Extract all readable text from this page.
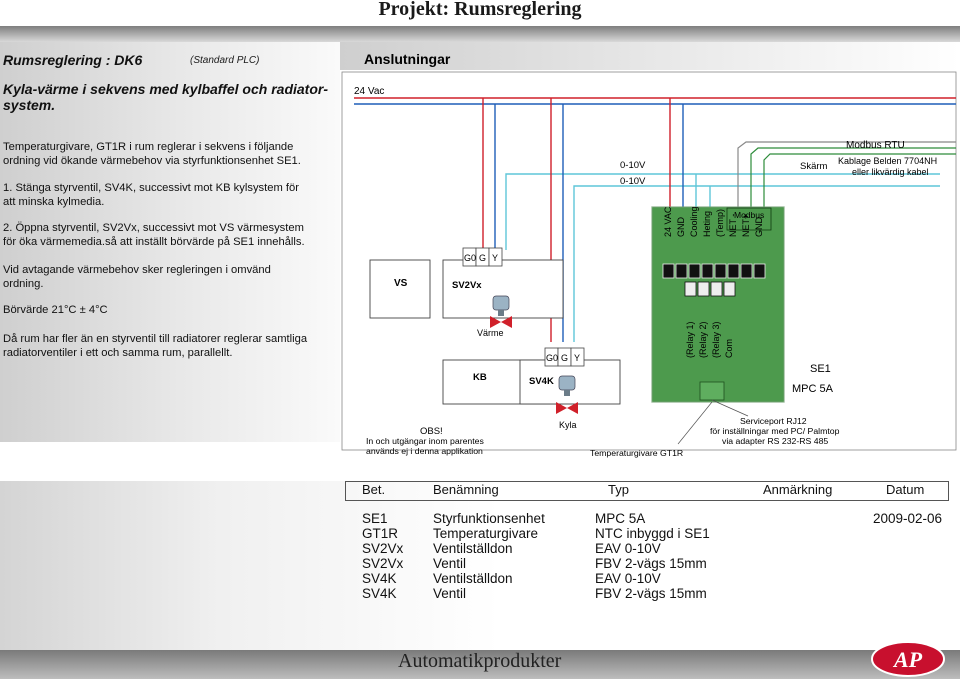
Projekt: Rumsreglering
Rumsreglering : DK6	(Standard PLC)
Kyla-värme i sekvens med kylbaffel och radiator-
system.
Temperaturgivare, GT1R i rum reglerar i sekvens i följande
ordning vid ökande värmebehov via styrfunktionsenhet SE1.
1. Stänga styrventil, SV4K, successivt mot KB kylsystem för
att minska kylmedia.
2. Öppna styrventil, SV2Vx, successivt mot VS värmesystem
för öka värmemedia.så att inställt börvärde på SE1 innehålls.
Vid avtagande värmebehov sker regleringen i omvänd
ordning.
Börvärde 21°C ± 4°C
Då rum har fler än en styrventil till radiatorer reglerar samtliga
radiatorventiler i ett och samma rum, parallellt.
Anslutningar
24 Vac
0-10V
0-10V
Skärm
Modbus RTU
Kablage Belden 7704NH
eller likvärdig kabel
VS	SV2Vx
G0 G Y
Värme
KB	SV4K
G0 G Y
Kyla
24 VAC GND Cooling Heting (Temp) NET - NET+ GND
Modbus
(Relay 1) (Relay 2) (Relay 3) Com
SE1
MPC 5A
OBS!
In och utgängar inom parentes
används ej i denna applikation	Temperaturgivare GT1R
Serviceport RJ12
för inställningar med PC/ Palmtop
via adapter RS 232-RS 485
Bet.	Benämning	Typ	Anmärkning	Datum
SE1	Styrfunktionsenhet	MPC 5A	2009-02-06
GT1R	Temperaturgivare	NTC inbyggd i SE1
SV2Vx Ventilställdon	EAV 0-10V
SV2Vx Ventil	FBV 2-vägs 15mm
SV4K	Ventilställdon	EAV 0-10V
SV4K	Ventil	FBV 2-vägs 15mm
Automatikprodukter	AP
